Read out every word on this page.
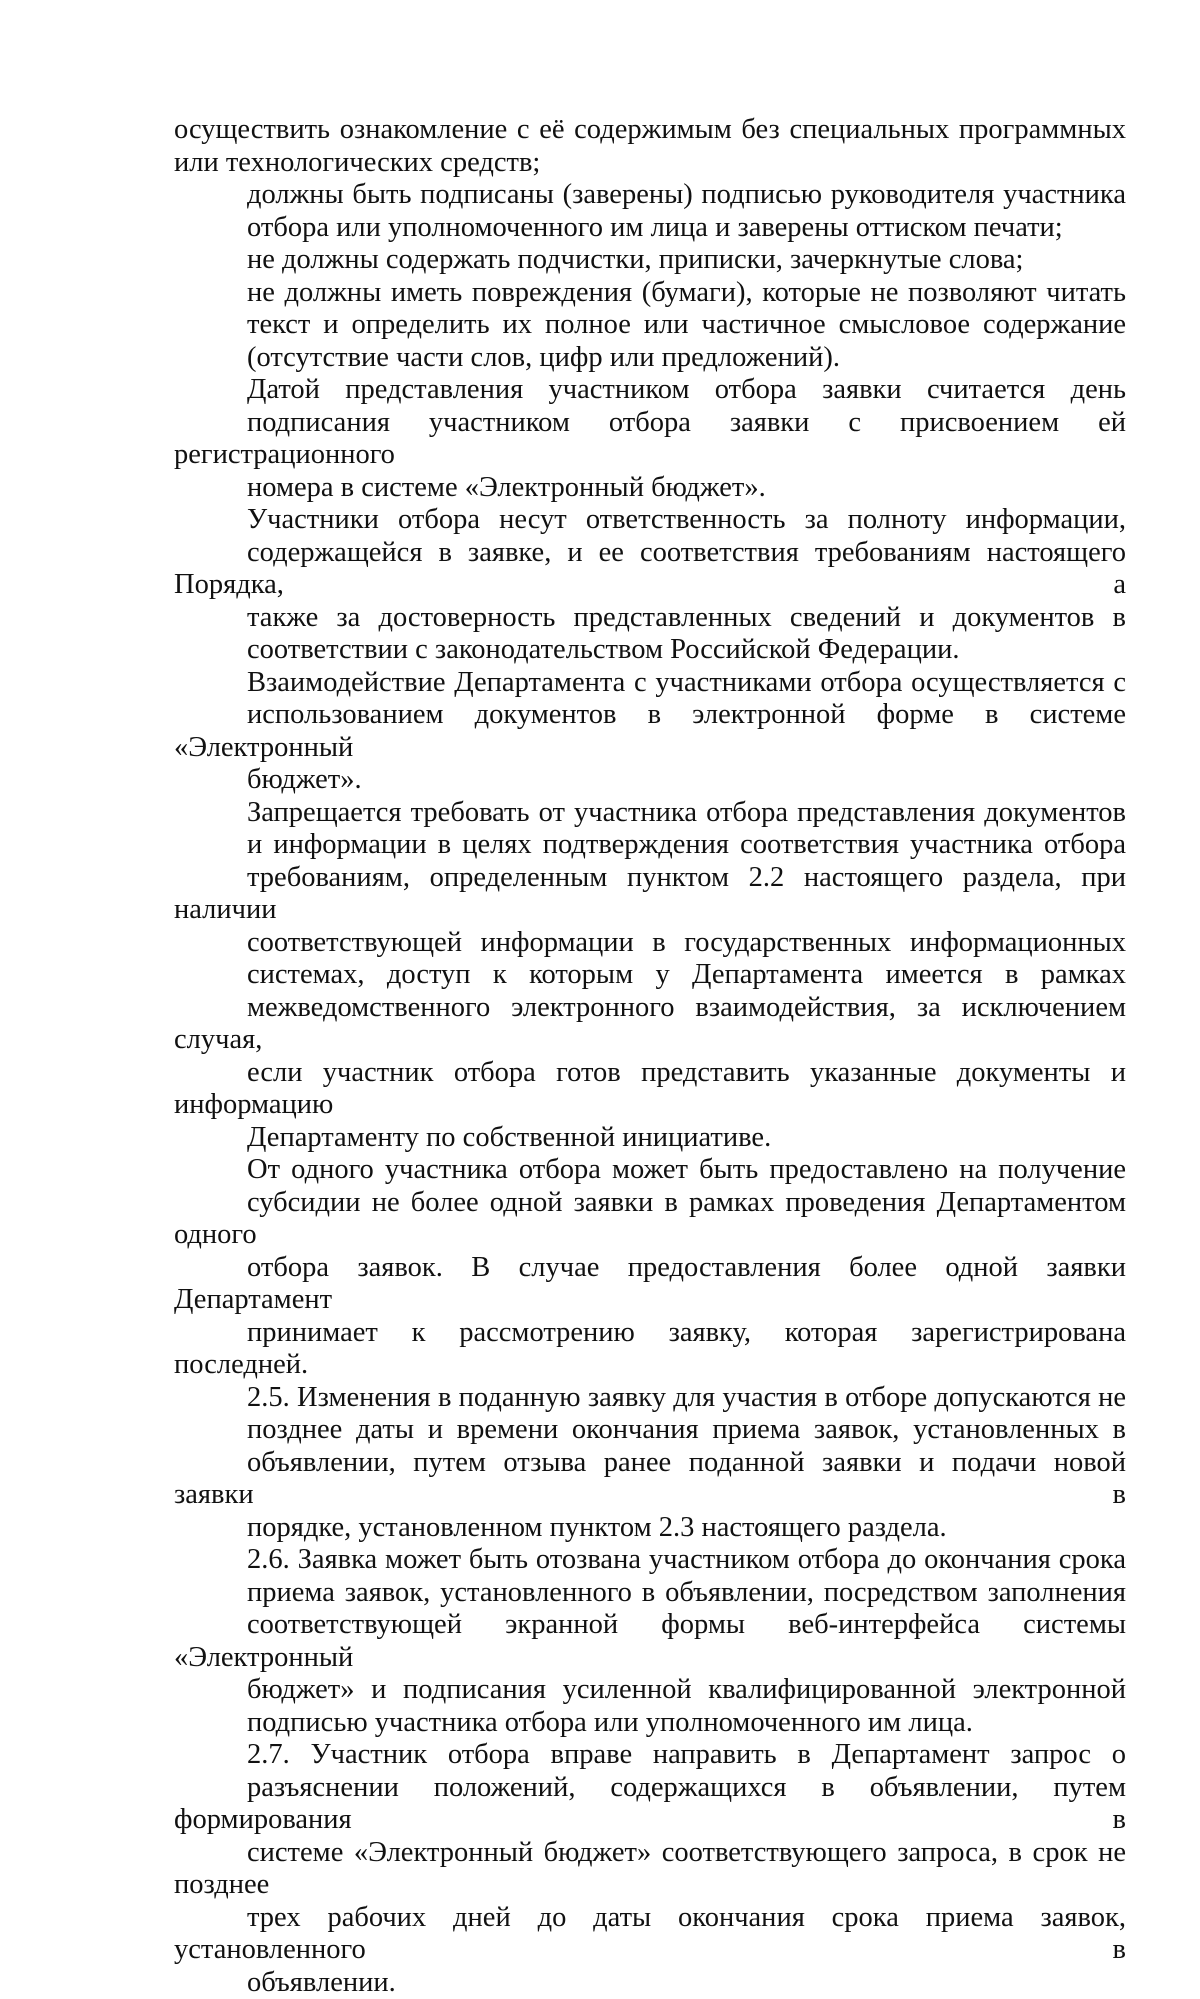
осуществить ознакомление с её содержимым без специальных программных
или технологических средств;

должны быть подписаны (заверены) подписью руководителя участника
отбора или уполномоченного им лица и заверены оттиском печати;

не должны содержать подчистки, приписки, зачеркнутые слова;

не должны иметь повреждения (бумаги), которые не позволяют читать
текст и определить их полное или частичное смысловое содержание
(отсутствие части слов, цифр или предложений).

Датой представления участником отбора заявки считается день
подписания участником отбора заявки с присвоением ей регистрационного
номера в системе «Электронный бюджет».

Участники отбора несут ответственность за полноту информации,
содержащейся в заявке, и ее соответствия требованиям настоящего Порядка, а
также за достоверность представленных сведений и документов в
соответствии с законодательством Российской Федерации.

Взаимодействие Департамента с участниками отбора осуществляется с
использованием документов в электронной форме в системе «Электронный
бюджет».

Запрещается требовать от участника отбора представления документов
и информации в целях подтверждения соответствия участника отбора
требованиям, определенным пунктом 2.2 настоящего раздела, при наличии
соответствующей информации в государственных информационных
системах, доступ к которым у Департамента имеется в рамках
межведомственного электронного взаимодействия, за исключением случая,
если участник отбора готов представить указанные документы и информацию
Департаменту по собственной инициативе.

От одного участника отбора может быть предоставлено на получение
субсидии не более одной заявки в рамках проведения Департаментом одного
отбора заявок. В случае предоставления более одной заявки Департамент
принимает к рассмотрению заявку, которая зарегистрирована последней.

2.5. Изменения в поданную заявку для участия в отборе допускаются не
позднее даты и времени окончания приема заявок, установленных в
объявлении, путем отзыва ранее поданной заявки и подачи новой заявки в
порядке, установленном пунктом 2.3 настоящего раздела.

2.6. Заявка может быть отозвана участником отбора до окончания срока
приема заявок, установленного в объявлении, посредством заполнения
соответствующей экранной формы веб-интерфейса системы «Электронный
бюджет» и подписания усиленной квалифицированной электронной
подписью участника отбора или уполномоченного им лица.

2.7. Участник отбора вправе направить в Департамент запрос о
разъяснении положений, содержащихся в объявлении, путем формирования в
системе «Электронный бюджет» соответствующего запроса, в срок не позднее
трех рабочих дней до даты окончания срока приема заявок, установленного в
объявлении.
